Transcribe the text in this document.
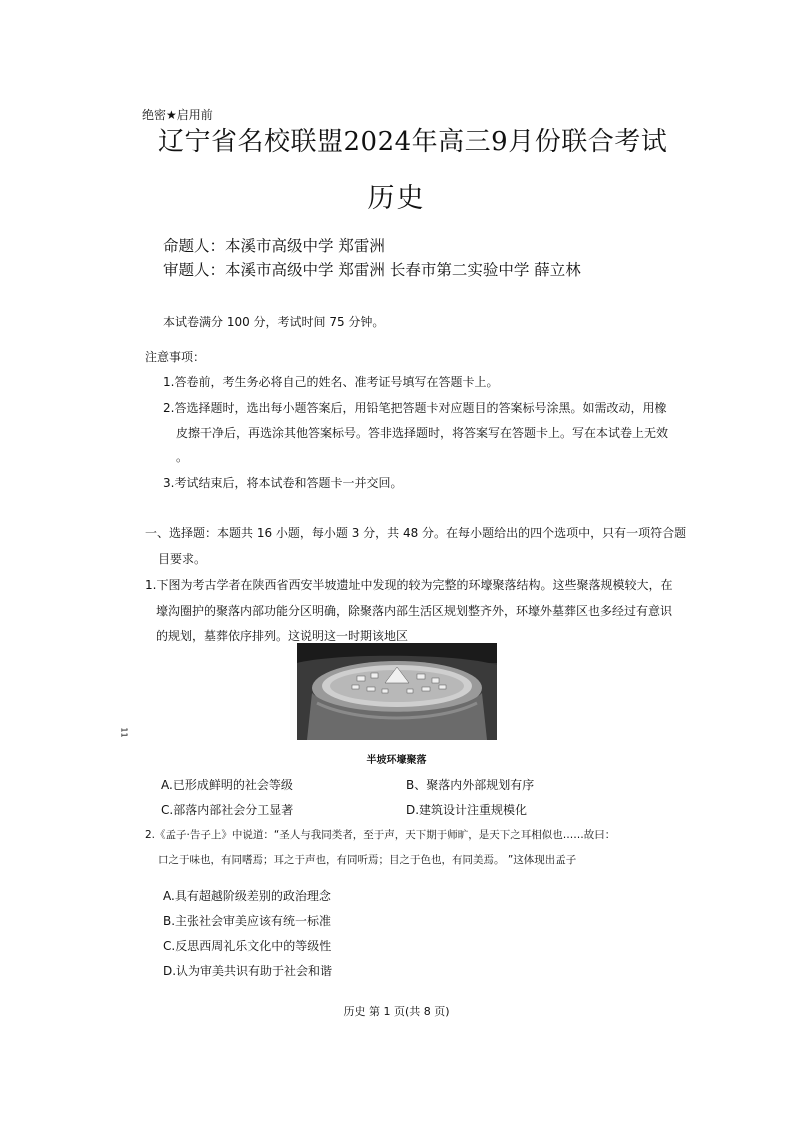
绝密★启用前
辽宁省名校联盟2024年高三9月份联合考试
历史
命题人：本溪市高级中学 郑雷洲
审题人：本溪市高级中学 郑雷洲 长春市第二实验中学 薛立林
本试卷满分 100 分，考试时间 75 分钟。
注意事项：
1.答卷前，考生务必将自己的姓名、准考证号填写在答题卡上。
2.答选择题时，选出每小题答案后，用铅笔把答题卡对应题目的答案标号涂黑。如需改动，用橡
皮擦干净后，再选涂其他答案标号。答非选择题时，将答案写在答题卡上。写在本试卷上无效
。
3.考试结束后，将本试卷和答题卡一并交回。
一、选择题：本题共 16 小题，每小题 3 分，共 48 分。在每小题给出的四个选项中，只有一项符合题
目要求。
1.下图为考古学者在陕西省西安半坡遗址中发现的较为完整的环壕聚落结构。这些聚落规模较大，在
壕沟圈护的聚落内部功能分区明确，除聚落内部生活区规划整齐外，环壕外墓葬区也多经过有意识
的规划，墓葬依序排列。这说明这一时期该地区
半坡环壕聚落
11
A.已形成鲜明的社会等级	B、聚落内外部规划有序
C.部落内部社会分工显著	D.建筑设计注重规模化
2.《孟子·告子上》中说道：“圣人与我同类者，至于声，天下期于师旷，是天下之耳相似也……故曰：
口之于味也，有同嗜焉；耳之于声也，有同听焉；目之于色也，有同美焉。 ”这体现出孟子
A.具有超越阶级差别的政治理念
B.主张社会审美应该有统一标准
C.反思西周礼乐文化中的等级性
D.认为审美共识有助于社会和谐
历史 第 1 页(共 8 页)
